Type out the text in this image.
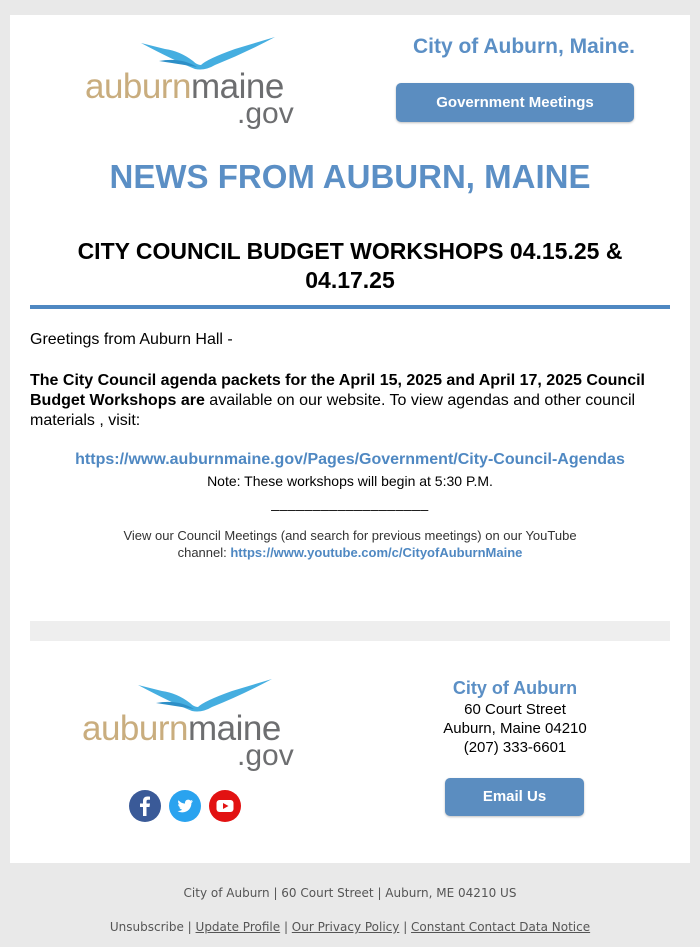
auburnmaine
.gov
City of Auburn, Maine.
Government Meetings
NEWS FROM AUBURN, MAINE
CITY COUNCIL BUDGET WORKSHOPS 04.15.25 & 04.17.25
Greetings from Auburn Hall -
The City Council agenda packets for the April 15, 2025 and April 17, 2025 Council Budget Workshops are available on our website. To view agendas and other council materials , visit:
https://www.auburnmaine.gov/Pages/Government/City-Council-Agendas
Note: These workshops will begin at 5:30 P.M.
___________________
View our Council Meetings (and search for previous meetings) on our YouTube channel: https://www.youtube.com/c/CityofAuburnMaine
auburnmaine
.gov
City of Auburn
60 Court Street
Auburn, Maine 04210
(207) 333-6601
Email Us
City of Auburn | 60 Court Street | Auburn, ME 04210 US
Unsubscribe | Update Profile | Our Privacy Policy | Constant Contact Data Notice
